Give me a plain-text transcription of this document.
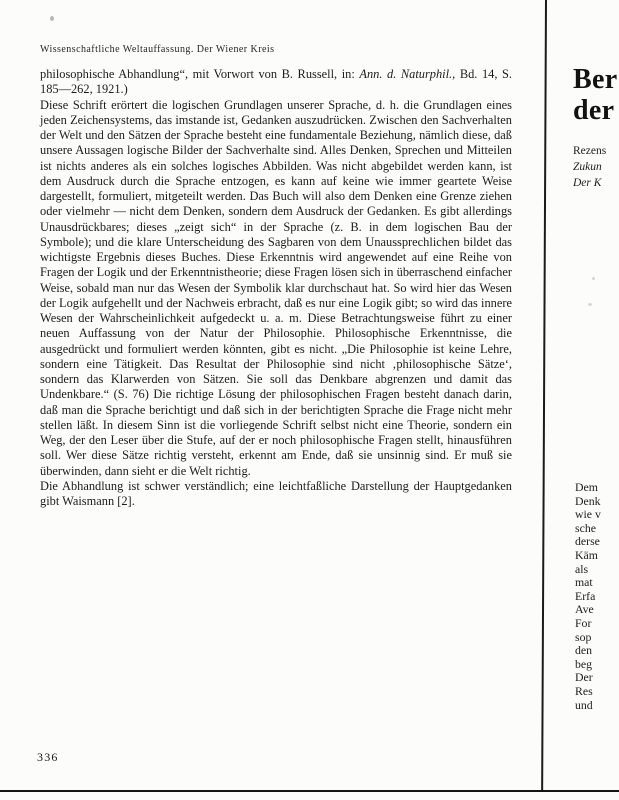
Wissenschaftliche Weltauffassung. Der Wiener Kreis

philosophische Abhandlung“, mit Vorwort von B. Russell, in: Ann. d. Naturphil., Bd. 14, S. 185—262, 1921.)

Diese Schrift erörtert die logischen Grundlagen unserer Sprache, d. h. die Grundlagen eines jeden Zeichensystems, das imstande ist, Gedanken auszudrücken. Zwischen den Sachverhalten der Welt und den Sätzen der Sprache besteht eine fundamentale Beziehung, nämlich diese, daß unsere Aussagen logische Bilder der Sachverhalte sind. Alles Denken, Sprechen und Mitteilen ist nichts anderes als ein solches logisches Abbilden. Was nicht abgebildet werden kann, ist dem Ausdruck durch die Sprache entzogen, es kann auf keine wie immer geartete Weise dargestellt, formuliert, mitgeteilt werden. Das Buch will also dem Denken eine Grenze ziehen oder vielmehr — nicht dem Denken, sondern dem Ausdruck der Gedanken. Es gibt allerdings Unausdrückbares; dieses „zeigt sich“ in der Sprache (z. B. in dem logischen Bau der Symbole); und die klare Unterscheidung des Sagbaren von dem Unaussprechlichen bildet das wichtigste Ergebnis dieses Buches. Diese Erkenntnis wird angewendet auf eine Reihe von Fragen der Logik und der Erkenntnistheorie; diese Fragen lösen sich in überraschend einfacher Weise, sobald man nur das Wesen der Symbolik klar durchschaut hat. So wird hier das Wesen der Logik aufgehellt und der Nachweis erbracht, daß es nur eine Logik gibt; so wird das innere Wesen der Wahrscheinlichkeit aufgedeckt u. a. m. Diese Betrachtungsweise führt zu einer neuen Auffassung von der Natur der Philosophie. Philosophische Erkenntnisse, die ausgedrückt und formuliert werden könnten, gibt es nicht. „Die Philosophie ist keine Lehre, sondern eine Tätigkeit. Das Resultat der Philosophie sind nicht ‚philosophische Sätze‘, sondern das Klarwerden von Sätzen. Sie soll das Denkbare abgrenzen und damit das Undenkbare.“ (S. 76) Die richtige Lösung der philosophischen Fragen besteht danach darin, daß man die Sprache berichtigt und daß sich in der berichtigten Sprache die Frage nicht mehr stellen läßt. In diesem Sinn ist die vorliegende Schrift selbst nicht eine Theorie, sondern ein Weg, der den Leser über die Stufe, auf der er noch philosophische Fragen stellt, hinausführen soll. Wer diese Sätze richtig versteht, erkennt am Ende, daß sie unsinnig sind. Er muß sie überwinden, dann sieht er die Welt richtig.

Die Abhandlung ist schwer verständlich; eine leichtfaßliche Darstellung der Hauptgedanken gibt Waismann [2].

336
Ber
der
Rezens
Zukun
Der K
Dem
Denk
wie v
sche
derse
Käm
als
mat
Erfa
Ave
For
sop
den
beg
Der
Res
und
